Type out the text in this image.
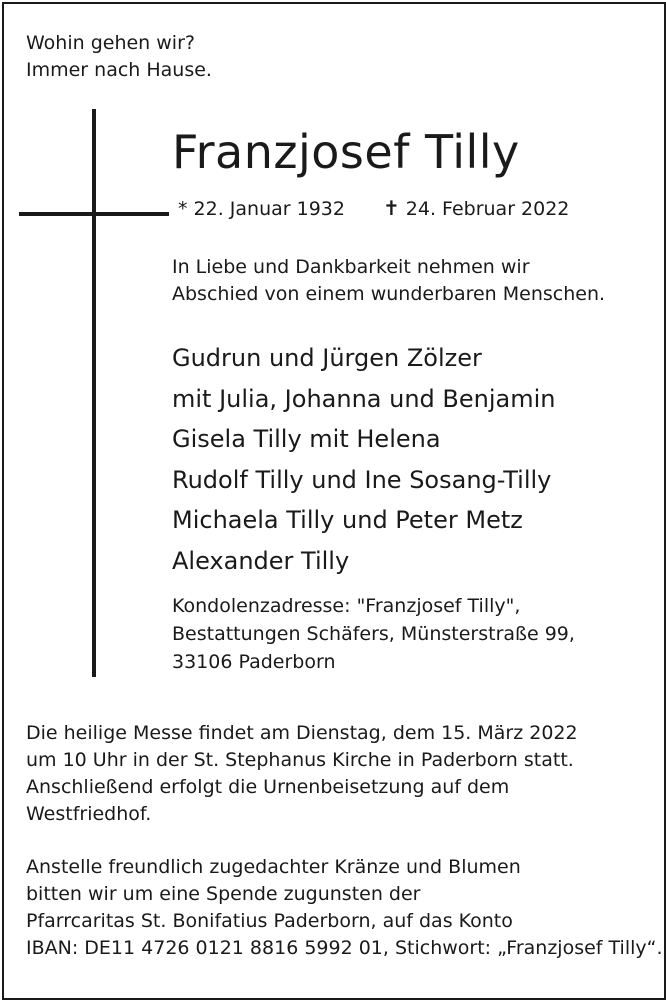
Wohin gehen wir?
Immer nach Hause.
Franzjosef Tilly
* 22. Januar 1932 ✝ 24. Februar 2022
In Liebe und Dankbarkeit nehmen wir
Abschied von einem wunderbaren Menschen.
Gudrun und Jürgen Zölzer
mit Julia, Johanna und Benjamin
Gisela Tilly mit Helena
Rudolf Tilly und Ine Sosang-Tilly
Michaela Tilly und Peter Metz
Alexander Tilly
Kondolenzadresse: "Franzjosef Tilly",
Bestattungen Schäfers, Münsterstraße 99,
33106 Paderborn
Die heilige Messe findet am Dienstag, dem 15. März 2022
um 10 Uhr in der St. Stephanus Kirche in Paderborn statt.
Anschließend erfolgt die Urnenbeisetzung auf dem
Westfriedhof.
Anstelle freundlich zugedachter Kränze und Blumen
bitten wir um eine Spende zugunsten der
Pfarrcaritas St. Bonifatius Paderborn, auf das Konto
IBAN: DE11 4726 0121 8816 5992 01, Stichwort: „Franzjosef Tilly“.
